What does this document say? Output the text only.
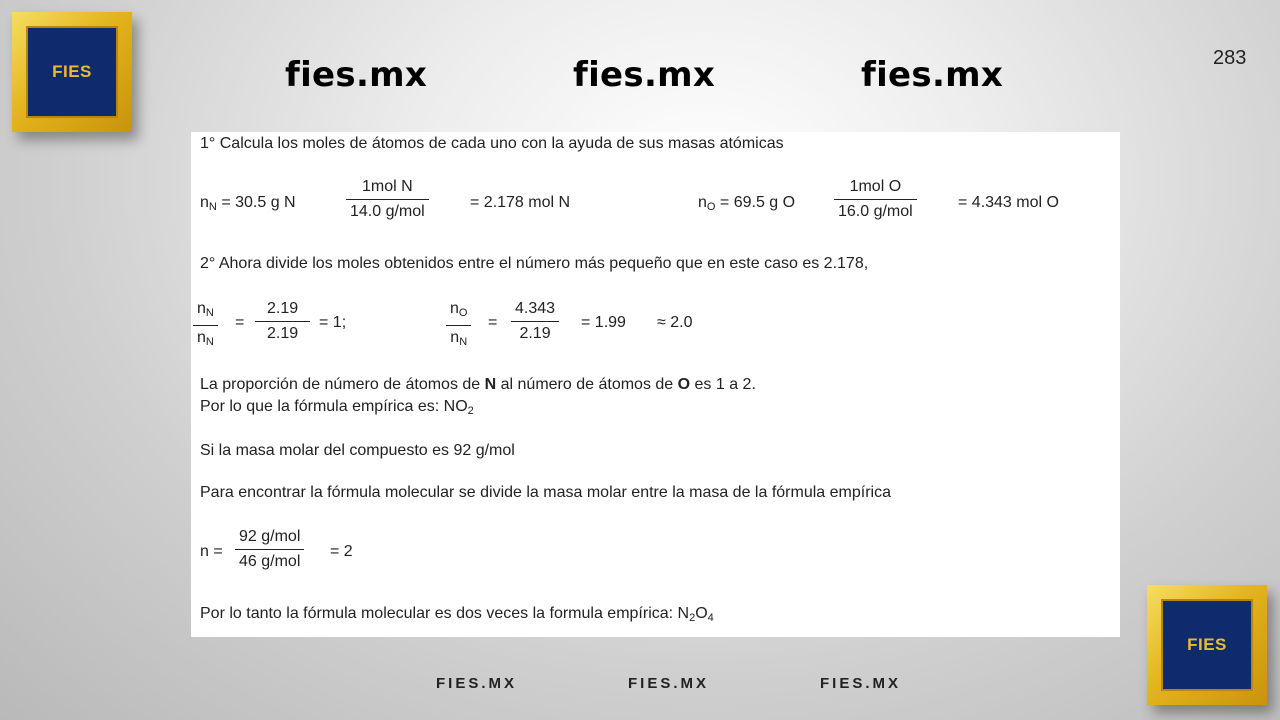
FIES	fies.mx	fies.mx	fies.mx	283
1° Calcula los moles de átomos de cada uno con la ayuda de sus masas atómicas
$n_N = 30.5$ g N
1mol N
14.0 g/mol
= 2.178 mol N	$n_O = 69.5$ g O
1mol O
16.0 g/mol
= 4.343 mol O
2° Ahora divide los moles obtenidos entre el número más pequeño que en este caso es 2.178,
$\frac{n_N}{n_N} = \frac{2.19}{2.19} = 1$;	$\frac{n_O}{n_N} = \frac{4.343}{2.19} = 1.99 \approx 2.0$
La proporción de número de átomos de N al número de átomos de O es 1 a 2.
Por lo que la fórmula empírica es: $NO_2$
Si la masa molar del compuesto es 92 g/mol
Para encontrar la fórmula molecular se divide la masa molar entre la masa de la fórmula empírica
n =
92 g/mol
46 g/mol
= 2
Por lo tanto la fórmula molecular es dos veces la formula empírica: $N_2O_4$
FIES
FIES.MX	FIES.MX	FIES.MX
